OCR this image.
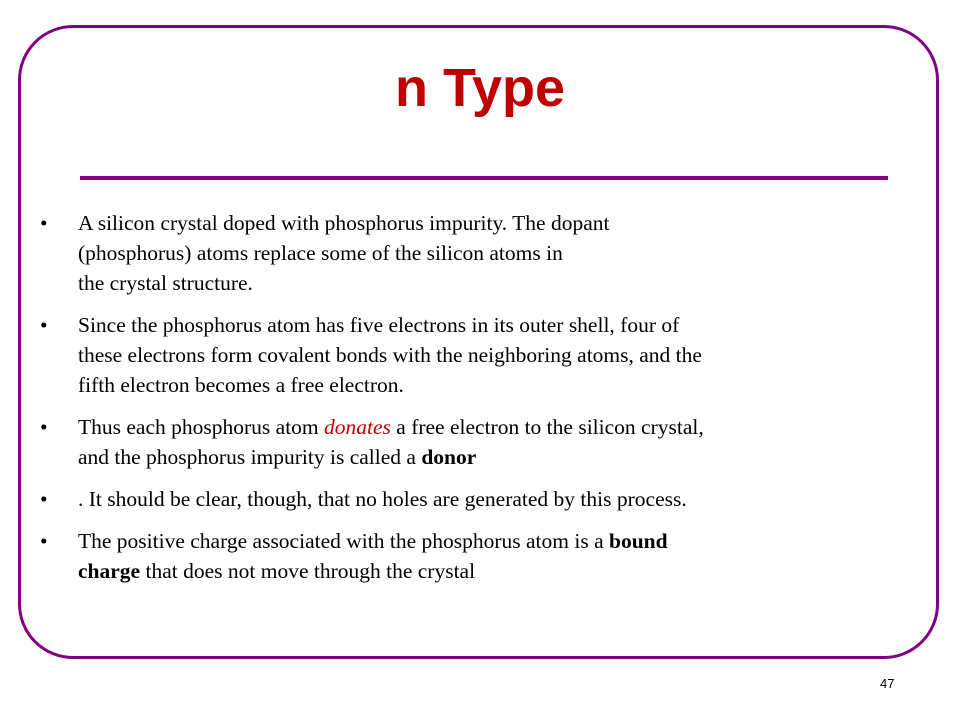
n Type
• A silicon crystal doped with phosphorus impurity. The dopant
(phosphorus) atoms replace some of the silicon atoms in
the crystal structure.
• Since the phosphorus atom has five electrons in its outer shell, four of
these electrons form covalent bonds with the neighboring atoms, and the
fifth electron becomes a free electron.
• Thus each phosphorus atom donates a free electron to the silicon crystal,
and the phosphorus impurity is called a donor
• . It should be clear, though, that no holes are generated by this process.
• The positive charge associated with the phosphorus atom is a bound
charge that does not move through the crystal
47
